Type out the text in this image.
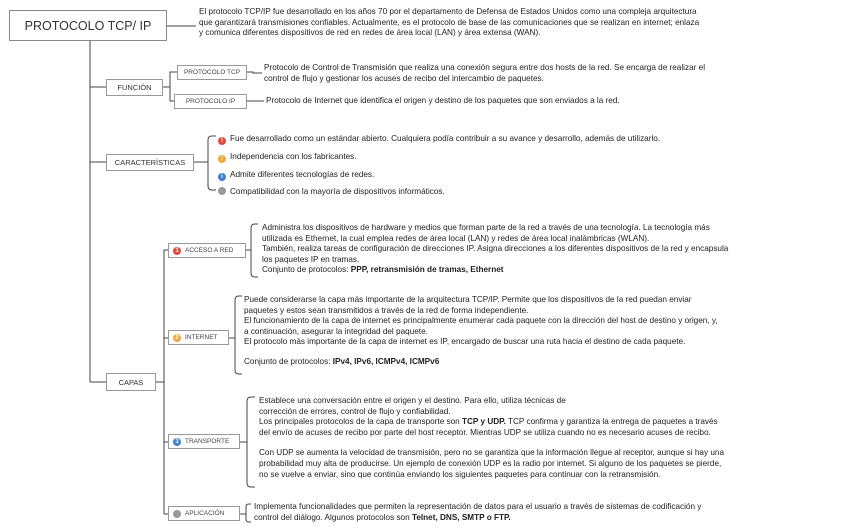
PROTOCOLO TCP/ IP
El protocolo TCP/IP fue desarrollado en los años 70 por el departamento de Defensa de Estados Unidos como una compleja arquitectura
que garantizará transmisiones confiables. Actualmente, es el protocolo de base de las comunicaciones que se realizan en internet; enlaza
y comunica diferentes dispositivos de red en redes de área local (LAN) y área extensa (WAN).
FUNCIÓN
PROTOCOLO TCP
Protocolo de Control de Transmisión que realiza una conexión segura entre dos hosts de la red. Se encarga de realizar el
control de flujo y gestionar los acuses de recibo del intercambio de paquetes.
PROTOCOLO IP	Protocolo de Internet que identifica el origen y destino de los paquetes que son enviados a la red.
CARACTERÍSTICAS
! Fue desarrollado como un estándar abierto. Cualquiera podía contribuir a su avance y desarrollo, además de utilizarlo.
! Independencia con los fabricantes.
i Admite diferentes tecnologías de redes.
Compatibilidad con la mayoría de dispositivos informáticos.
CAPAS
1 ACCESO A RED
Administra los dispositivos de hardware y medios que forman parte de la red a través de una tecnología. La tecnología más
utilizada es Ethernet, la cual emplea redes de área local (LAN) y redes de área local inalámbricas (WLAN).
También, realiza tareas de configuración de direcciones IP. Asigna direcciones a los diferentes dispositivos de la red y encapsula
los paquetes IP en tramas.
Conjunto de protocolos: PPP, retransmisión de tramas, Ethernet
2 INTERNET
Puede considerarse la capa más importante de la arquitectura TCP/IP. Permite que los dispositivos de la red puedan enviar
paquetes y estos sean transmitidos a través de la red de forma independiente.
El funcionamiento de la capa de internet es principalmente enumerar cada paquete con la dirección del host de destino y origen, y,
a continuación, asegurar la integridad del paquete.
El protocolo más importante de la capa de internet es IP, encargado de buscar una ruta hacia el destino de cada paquete.
Conjunto de protocolos: IPv4, IPv6, ICMPv4, ICMPv6
3 TRANSPORTE
Establece una conversación entre el origen y el destino. Para ello, utiliza técnicas de
corrección de errores, control de flujo y confiabilidad.
Los principales protocolos de la capa de transporte son TCP y UDP. TCP confirma y garantiza la entrega de paquetes a través
del envío de acuses de recibo por parte del host receptor. Mientras UDP se utiliza cuando no es necesario acuses de recibo.
Con UDP se aumenta la velocidad de transmisión, pero no se garantiza que la información llegue al receptor, aunque si hay una
probabilidad muy alta de producirse. Un ejemplo de conexión UDP es la radio por internet. Si alguno de los paquetes se pierde,
no se vuelve a enviar, sino que continúa enviando los siguientes paquetes para continuar con la retransmisión.
APLICACIÓN
Implementa funcionalidades que permiten la representación de datos para el usuario a través de sistemas de codificación y
control del diálogo. Algunos protocolos son Telnet, DNS, SMTP o FTP.
